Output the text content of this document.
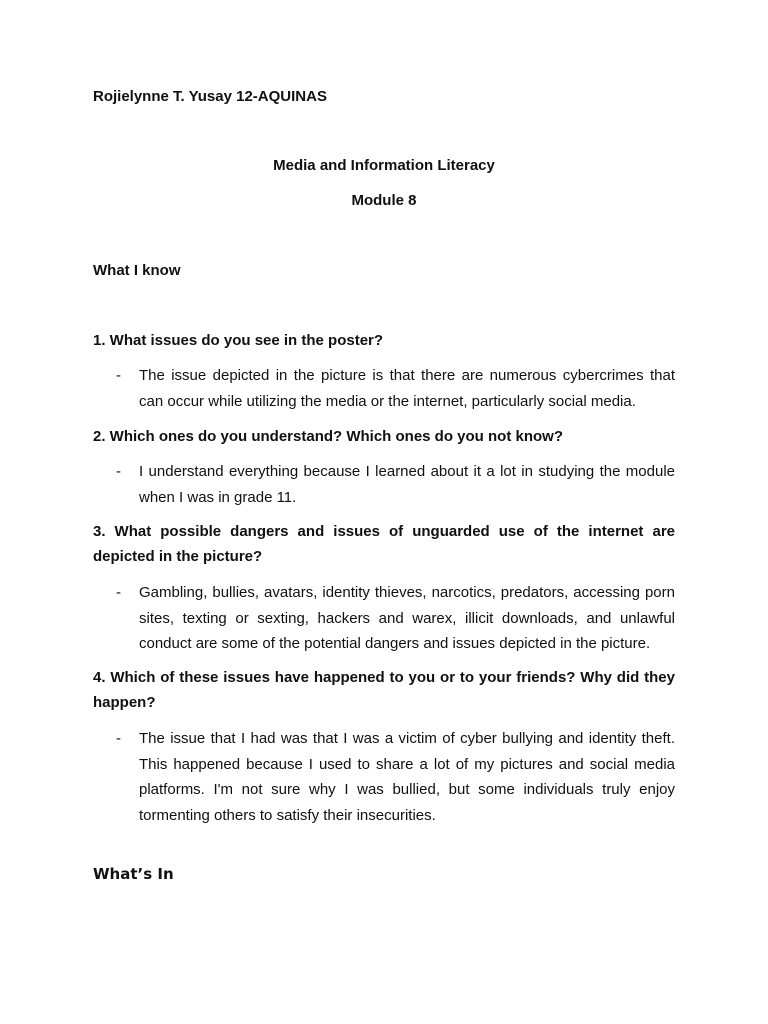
Rojielynne T. Yusay 12-AQUINAS

Media and Information Literacy

Module 8

What I know

1. What issues do you see in the poster?

- The issue depicted in the picture is that there are numerous cybercrimes that can occur while utilizing the media or the internet, particularly social media.

2. Which ones do you understand? Which ones do you not know?

- I understand everything because I learned about it a lot in studying the module when I was in grade 11.

3. What possible dangers and issues of unguarded use of the internet are depicted in the picture?

- Gambling, bullies, avatars, identity thieves, narcotics, predators, accessing porn sites, texting or sexting, hackers and warex, illicit downloads, and unlawful conduct are some of the potential dangers and issues depicted in the picture.

4. Which of these issues have happened to you or to your friends? Why did they happen?

- The issue that I had was that I was a victim of cyber bullying and identity theft. This happened because I used to share a lot of my pictures and social media platforms. I'm not sure why I was bullied, but some individuals truly enjoy tormenting others to satisfy their insecurities.

What’s In
